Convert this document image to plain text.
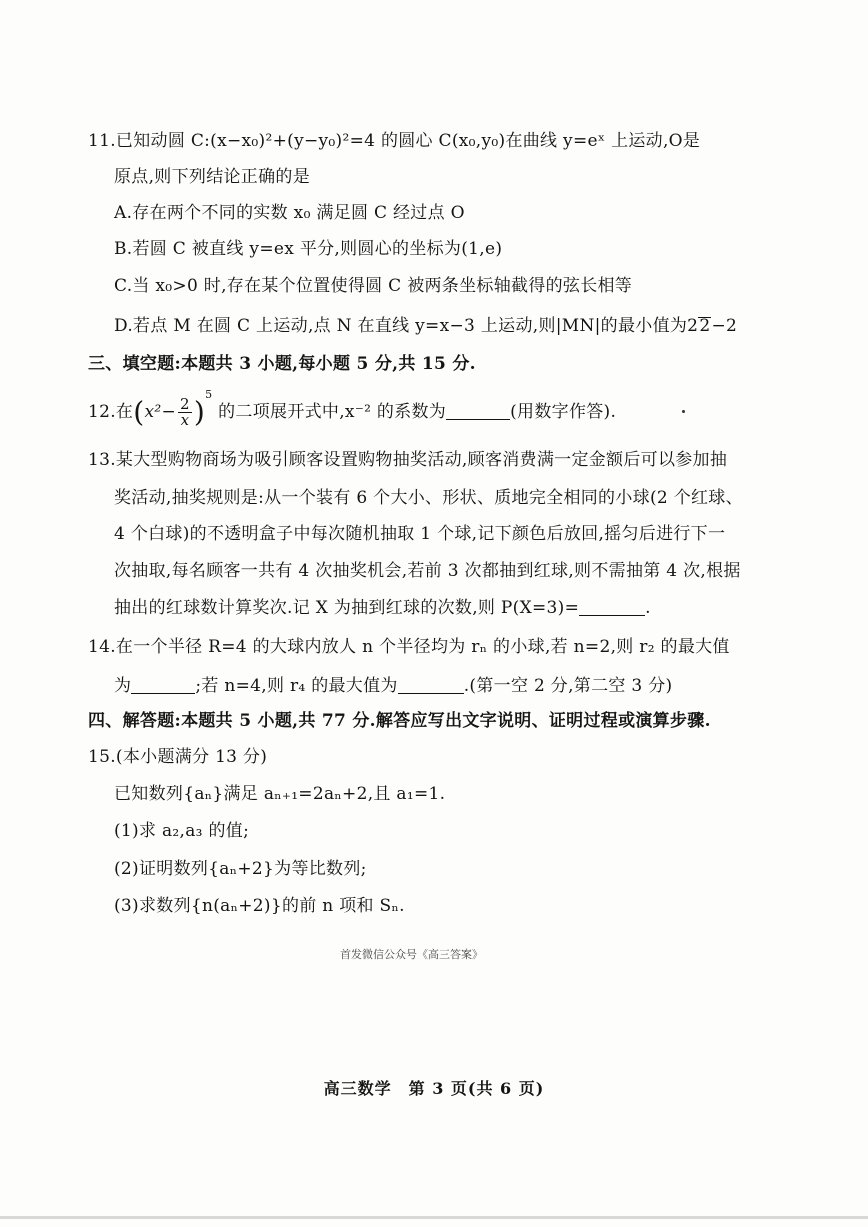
11.已知动圆 C:(x−x₀)²+(y−y₀)²=4 的圆心 C(x₀,y₀)在曲线 y=eˣ 上运动,O是
原点,则下列结论正确的是
A.存在两个不同的实数 x₀ 满足圆 C 经过点 O
B.若圆 C 被直线 y=ex 平分,则圆心的坐标为(1,e)
C.当 x₀>0 时,存在某个位置使得圆 C 被两条坐标轴截得的弦长相等
D.若点 M 在圆 C 上运动,点 N 在直线 y=x−3 上运动,则|MN|的最小值为22−2
三、填空题:本题共 3 小题,每小题 5 分,共 15 分.
12.在$(x^2- \frac{2}{x} )^5$ 的二项展开式中,x⁻² 的系数为	(用数字作答).
13.某大型购物商场为吸引顾客设置购物抽奖活动,顾客消费满一定金额后可以参加抽
奖活动,抽奖规则是:从一个装有 6 个大小、形状、质地完全相同的小球(2 个红球、
4 个白球)的不透明盒子中每次随机抽取 1 个球,记下颜色后放回,摇匀后进行下一
次抽取,每名顾客一共有 4 次抽奖机会,若前 3 次都抽到红球,则不需抽第 4 次,根据
抽出的红球数计算奖次.记 X 为抽到红球的次数,则 P(X=3)=	.
14.在一个半径 R=4 的大球内放人 n 个半径均为 rₙ 的小球,若 n=2,则 r₂ 的最大值
为	;若 n=4,则 r₄ 的最大值为	.(第一空 2 分,第二空 3 分)
四、解答题:本题共 5 小题,共 77 分.解答应写出文字说明、证明过程或演算步骤.
15.(本小题满分 13 分)
已知数列{aₙ}满足 aₙ₊₁=2aₙ+2,且 a₁=1.
(1)求 a₂,a₃ 的值;
(2)证明数列{aₙ+2}为等比数列;
(3)求数列{n(aₙ+2)}的前 n 项和 Sₙ.
首发微信公众号《高三答案》
高三数学　第 3 页(共 6 页)
